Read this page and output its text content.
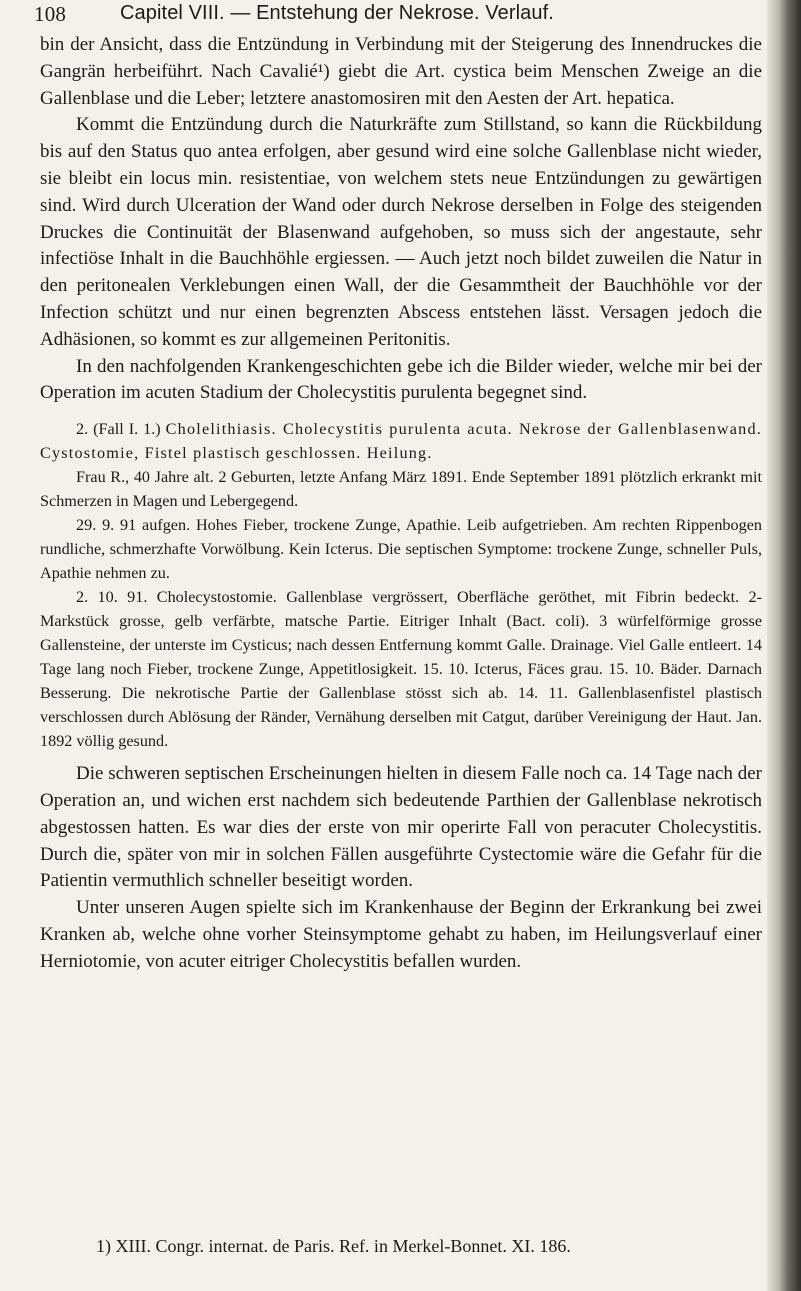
108	Capitel VIII. — Entstehung der Nekrose. Verlauf.

bin der Ansicht, dass die Entzündung in Verbindung mit der Steigerung des Innendruckes die Gangrän herbeiführt. Nach Cavalié¹) giebt die Art. cystica beim Menschen Zweige an die Gallenblase und die Leber; letztere anastomosiren mit den Aesten der Art. hepatica.

Kommt die Entzündung durch die Naturkräfte zum Stillstand, so kann die Rückbildung bis auf den Status quo antea erfolgen, aber gesund wird eine solche Gallenblase nicht wieder, sie bleibt ein locus min. resistentiae, von welchem stets neue Entzündungen zu gewärtigen sind. Wird durch Ulceration der Wand oder durch Nekrose derselben in Folge des steigenden Druckes die Continuität der Blasenwand aufgehoben, so muss sich der angestaute, sehr infectiöse Inhalt in die Bauchhöhle ergiessen. — Auch jetzt noch bildet zuweilen die Natur in den peritonealen Verklebungen einen Wall, der die Gesammtheit der Bauchhöhle vor der Infection schützt und nur einen begrenzten Abscess entstehen lässt. Versagen jedoch die Adhäsionen, so kommt es zur allgemeinen Peritonitis.

In den nachfolgenden Krankengeschichten gebe ich die Bilder wieder, welche mir bei der Operation im acuten Stadium der Cholecystitis purulenta begegnet sind.

2. (Fall I. 1.) Cholelithiasis. Cholecystitis purulenta acuta. Nekrose der Gallenblasenwand. Cystostomie, Fistel plastisch geschlossen. Heilung.

Frau R., 40 Jahre alt. 2 Geburten, letzte Anfang März 1891. Ende September 1891 plötzlich erkrankt mit Schmerzen in Magen und Lebergegend.

29. 9. 91 aufgen. Hohes Fieber, trockene Zunge, Apathie. Leib aufgetrieben. Am rechten Rippenbogen rundliche, schmerzhafte Vorwölbung. Kein Icterus. Die septischen Symptome: trockene Zunge, schneller Puls, Apathie nehmen zu.

2. 10. 91. Cholecystostomie. Gallenblase vergrössert, Oberfläche geröthet, mit Fibrin bedeckt. 2-Markstück grosse, gelb verfärbte, matsche Partie. Eitriger Inhalt (Bact. coli). 3 würfelförmige grosse Gallensteine, der unterste im Cysticus; nach dessen Entfernung kommt Galle. Drainage. Viel Galle entleert. 14 Tage lang noch Fieber, trockene Zunge, Appetitlosigkeit. 15. 10. Icterus, Fäces grau. 15. 10. Bäder. Darnach Besserung. Die nekrotische Partie der Gallenblase stösst sich ab. 14. 11. Gallenblasenfistel plastisch verschlossen durch Ablösung der Ränder, Vernähung derselben mit Catgut, darüber Vereinigung der Haut. Jan. 1892 völlig gesund.

Die schweren septischen Erscheinungen hielten in diesem Falle noch ca. 14 Tage nach der Operation an, und wichen erst nachdem sich bedeutende Parthien der Gallenblase nekrotisch abgestossen hatten. Es war dies der erste von mir operirte Fall von peracuter Cholecystitis. Durch die, später von mir in solchen Fällen ausgeführte Cystectomie wäre die Gefahr für die Patientin vermuthlich schneller beseitigt worden.

Unter unseren Augen spielte sich im Krankenhause der Beginn der Erkrankung bei zwei Kranken ab, welche ohne vorher Steinsymptome gehabt zu haben, im Heilungsverlauf einer Herniotomie, von acuter eitriger Cholecystitis befallen wurden.

1) XIII. Congr. internat. de Paris. Ref. in Merkel-Bonnet. XI. 186.
